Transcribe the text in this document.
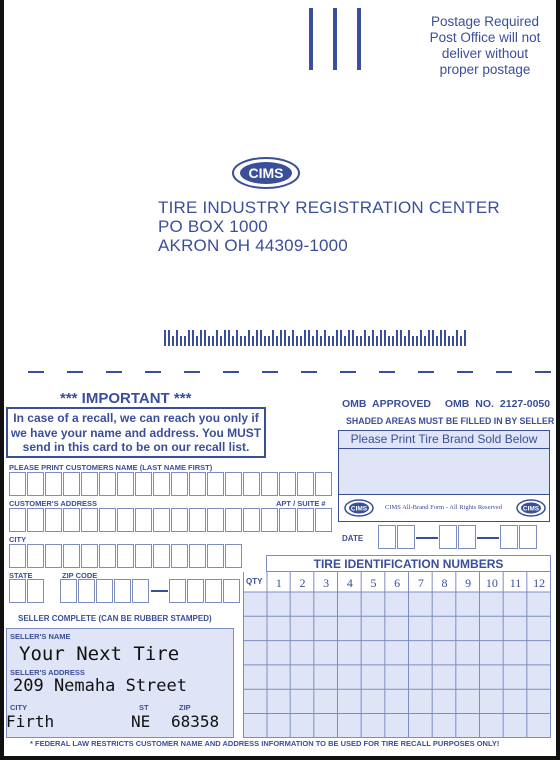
Postage Required
Post Office will not
deliver without
proper postage
CIMS
TIRE INDUSTRY REGISTRATION CENTER
PO BOX 1000
AKRON OH 44309-1000
*** IMPORTANT ***
In case of a recall, we can reach you only if
we have your name and address. You MUST
send in this card to be on our recall list.
PLEASE PRINT CUSTOMERS NAME (LAST NAME FIRST)
CUSTOMER'S ADDRESS	APT / SUITE #
CITY
STATE	ZIP CODE
OMB APPROVED OMB NO. 2127-0050
SHADED AREAS MUST BE FILLED IN BY SELLER
Please Print Tire Brand Sold Below
CIMS	CIMS All-Brand Form - All Rights Reserved	CIMS
DATE
TIRE IDENTIFICATION NUMBERS
QTY	1	2	3	4	5	6	7	8	9	10 11 12
SELLER COMPLETE (CAN BE RUBBER STAMPED)
SELLER'S NAME
Your Next Tire
SELLER'S ADDRESS
209 Nemaha Street
CITY	ST	ZIP
Firth	NE 68358
* FEDERAL LAW RESTRICTS CUSTOMER NAME AND ADDRESS INFORMATION TO BE USED FOR TIRE RECALL PURPOSES ONLY!
